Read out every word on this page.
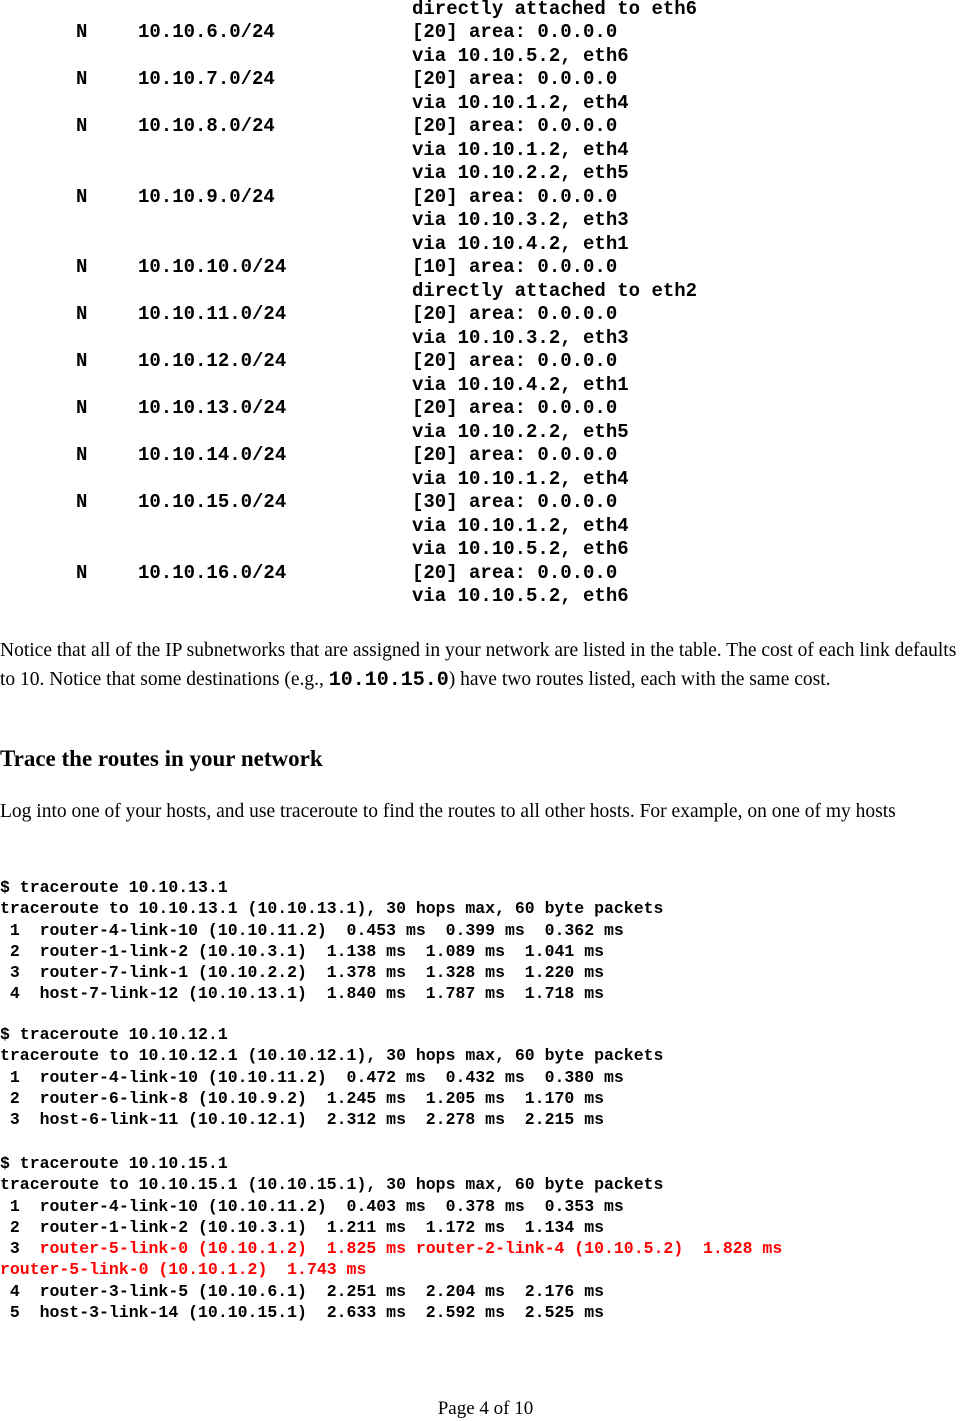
directly attached to eth6
N	10.10.6.0/24	[20] area: 0.0.0.0
via 10.10.5.2, eth6
N	10.10.7.0/24	[20] area: 0.0.0.0
via 10.10.1.2, eth4
N	10.10.8.0/24	[20] area: 0.0.0.0
via 10.10.1.2, eth4
via 10.10.2.2, eth5
N	10.10.9.0/24	[20] area: 0.0.0.0
via 10.10.3.2, eth3
via 10.10.4.2, eth1
N	10.10.10.0/24	[10] area: 0.0.0.0
directly attached to eth2
N	10.10.11.0/24	[20] area: 0.0.0.0
via 10.10.3.2, eth3
N	10.10.12.0/24	[20] area: 0.0.0.0
via 10.10.4.2, eth1
N	10.10.13.0/24	[20] area: 0.0.0.0
via 10.10.2.2, eth5
N	10.10.14.0/24	[20] area: 0.0.0.0
via 10.10.1.2, eth4
N	10.10.15.0/24	[30] area: 0.0.0.0
via 10.10.1.2, eth4
via 10.10.5.2, eth6
N	10.10.16.0/24	[20] area: 0.0.0.0
via 10.10.5.2, eth6
Notice that all of the IP subnetworks that are assigned in your network are listed in the table. The cost of each link defaults to 10. Notice that some destinations (e.g., 10.10.15.0) have two routes listed, each with the same cost.
Trace the routes in your network
Log into one of your hosts, and use traceroute to find the routes to all other hosts. For example, on one of my hosts
$ traceroute 10.10.13.1
traceroute to 10.10.13.1 (10.10.13.1), 30 hops max, 60 byte packets
1  router-4-link-10 (10.10.11.2)  0.453 ms  0.399 ms  0.362 ms
2  router-1-link-2 (10.10.3.1)  1.138 ms  1.089 ms  1.041 ms
3  router-7-link-1 (10.10.2.2)  1.378 ms  1.328 ms  1.220 ms
4  host-7-link-12 (10.10.13.1)  1.840 ms  1.787 ms  1.718 ms
$ traceroute 10.10.12.1
traceroute to 10.10.12.1 (10.10.12.1), 30 hops max, 60 byte packets
1  router-4-link-10 (10.10.11.2)  0.472 ms  0.432 ms  0.380 ms
2  router-6-link-8 (10.10.9.2)  1.245 ms  1.205 ms  1.170 ms
3  host-6-link-11 (10.10.12.1)  2.312 ms  2.278 ms  2.215 ms
$ traceroute 10.10.15.1
traceroute to 10.10.15.1 (10.10.15.1), 30 hops max, 60 byte packets
1  router-4-link-10 (10.10.11.2)  0.403 ms  0.378 ms  0.353 ms
2  router-1-link-2 (10.10.3.1)  1.211 ms  1.172 ms  1.134 ms
3  router-5-link-0 (10.10.1.2)  1.825 ms router-2-link-4 (10.10.5.2)  1.828 ms
router-5-link-0 (10.10.1.2)  1.743 ms
4  router-3-link-5 (10.10.6.1)  2.251 ms  2.204 ms  2.176 ms
5  host-3-link-14 (10.10.15.1)  2.633 ms  2.592 ms  2.525 ms
Page 4 of 10
